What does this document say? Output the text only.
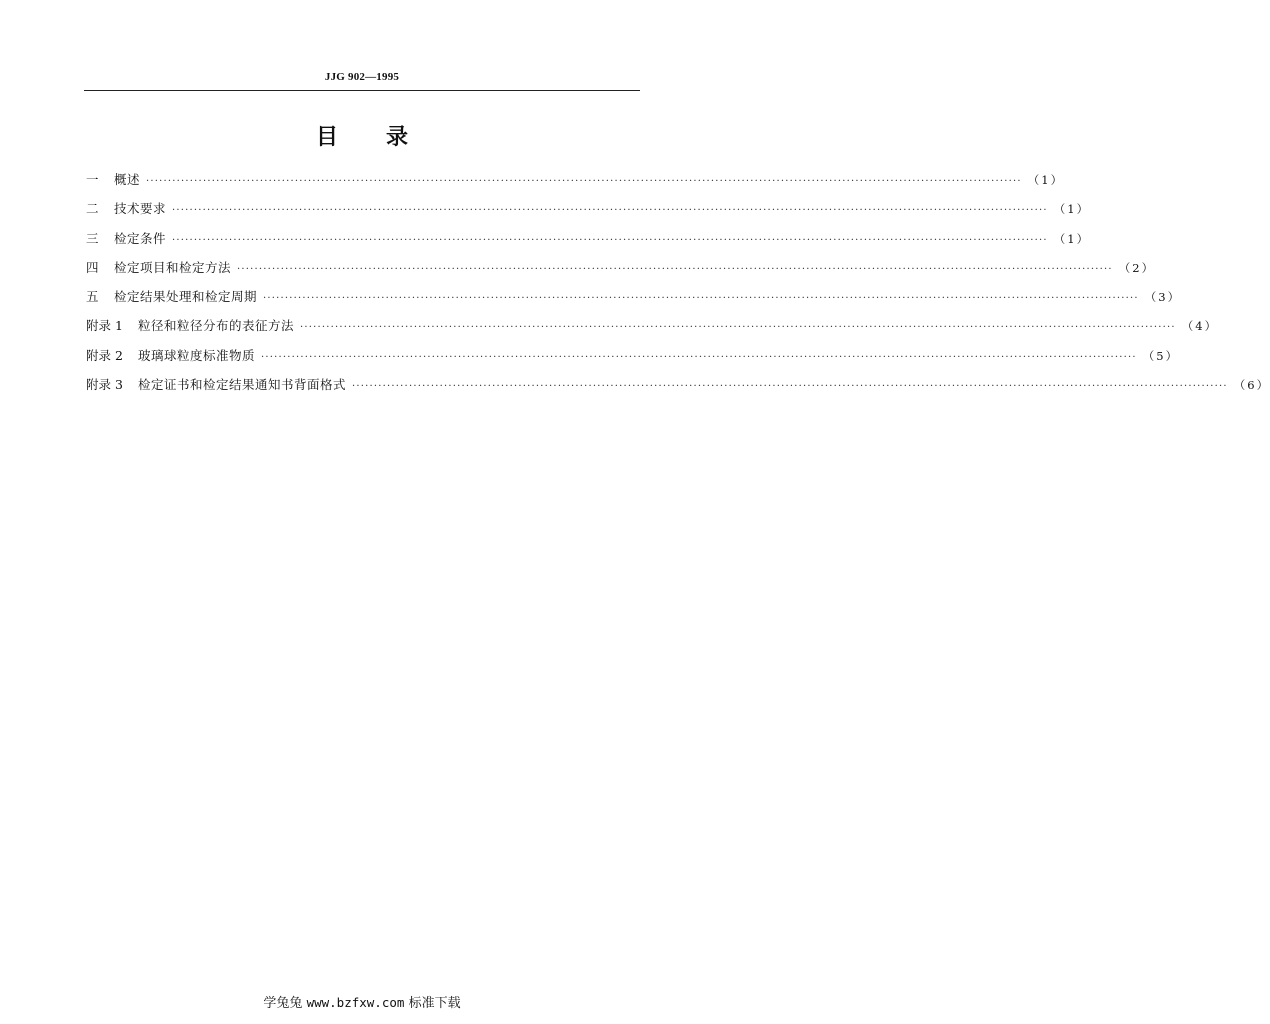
JJG 902—1995
目 录
一	概述 ········································································································································································································ （1）
二	技术要求 ········································································································································································································ （1）
三	检定条件 ········································································································································································································ （1）
四	检定项目和检定方法 ········································································································································································································ （2）
五	检定结果处理和检定周期 ········································································································································································································ （3）
附录 1	粒径和粒径分布的表征方法 ········································································································································································································ （4）
附录 2	玻璃球粒度标准物质 ········································································································································································································ （5）
附录 3	检定证书和检定结果通知书背面格式 ········································································································································································································ （6）
学兔兔 www.bzfxw.com 标准下载
